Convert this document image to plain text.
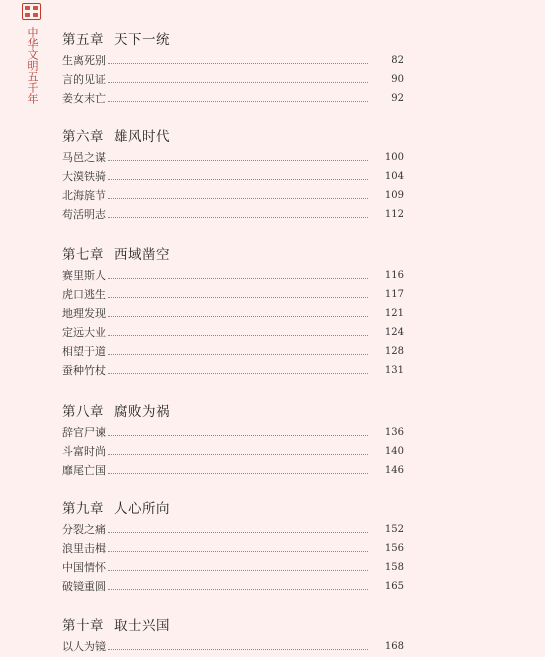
中华文明五千年 第五章 天下一统
生离死别	82
言的见证	90
姜女末亡	92
第六章 雄风时代
马邑之谋	100
大漠铁骑	104
北海旄节	109
苟活明志	112
第七章 西域凿空
赛里斯人	116
虎口逃生	117
地理发现	121
定远大业	124
相望于道	128
蚕种竹杖	131
第八章 腐败为祸
辞官尸谏	136
斗富时尚	140
靡尾亡国	146
第九章 人心所向
分裂之痛	152
浪里击楫	156
中国情怀	158
破镜重圆	165
第十章 取士兴国
以人为镜	168
